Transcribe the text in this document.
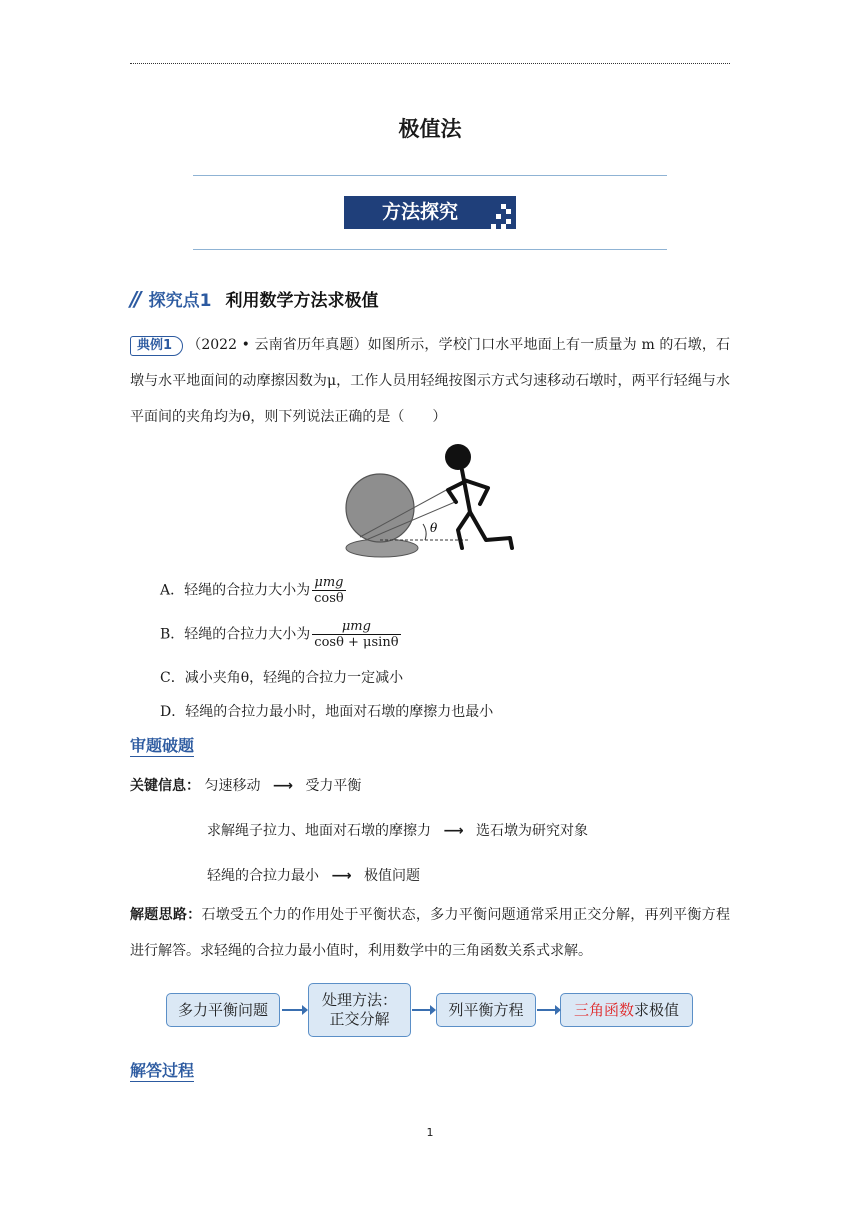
极值法
方法探究
// 探究点1 利用数学方法求极值
典例1 （2022 • 云南省历年真题）如图所示，学校门口水平地面上有一质量为 m 的石墩，石墩与水平地面间的动摩擦因数为μ，工作人员用轻绳按图示方式匀速移动石墩时，两平行轻绳与水平面间的夹角均为θ，则下列说法正确的是（　　）
θ
A．轻绳的合拉力大小为 $\frac{\text{μmg}}{\cos\theta}$
B．轻绳的合拉力大小为 $\frac{\text{μmg}}{\cos\theta + \mu\sin\theta}$
C．减小夹角θ，轻绳的合拉力一定减小
D．轻绳的合拉力最小时，地面对石墩的摩擦力也最小
审题破题
关键信息： 匀速移动 ⟶ 受力平衡
求解绳子拉力、地面对石墩的摩擦力 ⟶ 选石墩为研究对象
轻绳的合拉力最小 ⟶ 极值问题
解题思路：石墩受五个力的作用处于平衡状态，多力平衡问题通常采用正交分解，再列平衡方程进行解答。求轻绳的合拉力最小值时，利用数学中的三角函数关系式求解。
多力平衡问题
处理方法：
正交分解
列平衡方程	三角函数 求极值
解答过程
1
